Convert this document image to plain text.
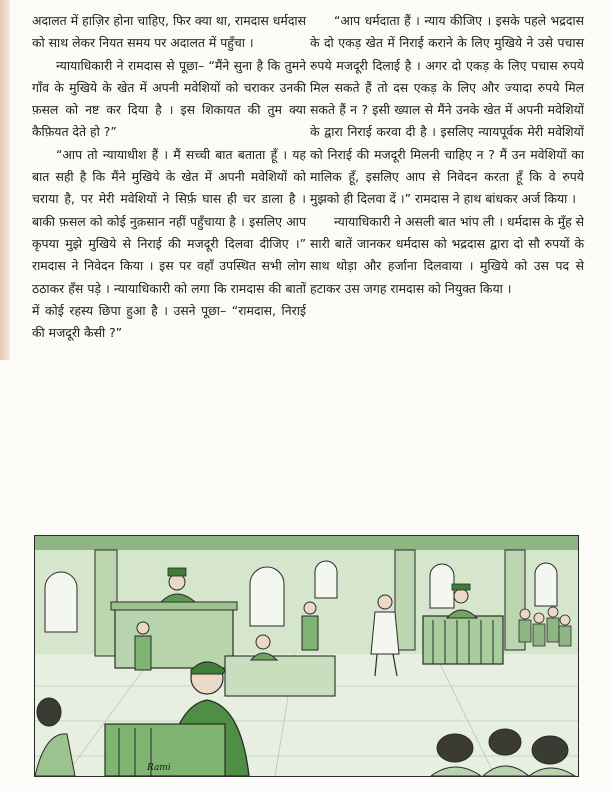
अदालत में हाज़िर होना चाहिए, फिर क्या था, रामदास धर्मदास को साथ लेकर नियत समय पर अदालत में पहुँचा ।

न्यायाधिकारी ने रामदास से पूछा– “मैंने सुना है कि तुमने गाँव के मुखिये के खेत में अपनी मवेशियों को चराकर उनकी फ़सल को नष्ट कर दिया है । इस शिकायत की तुम क्या कैफ़ियत देते हो ?”

“आप तो न्यायाधीश हैं । मैं सच्ची बात बताता हूँ । यह बात सही है कि मैंने मुखिये के खेत में अपनी मवेशियों को चराया है, पर मेरी मवेशियों ने सिर्फ़ घास ही चर डाला है । बाकी फ़सल को कोई नुक़सान नहीं पहुँचाया है । इसलिए आप कृपया मुझे मुखिये से निराई की मजदूरी दिलवा दीजिए ।” रामदास ने निवेदन किया । इस पर वहाँ उपस्थित सभी लोग ठठाकर हँस पड़े । न्यायाधिकारी को लगा कि रामदास की बातों में कोई रहस्य छिपा हुआ है । उसने पूछा– “रामदास, निराई की मजदूरी कैसी ?”

“आप धर्मदाता हैं । न्याय कीजिए । इसके पहले भद्रदास के दो एकड़ खेत में निराई कराने के लिए मुखिये ने उसे पचास रुपये मजदूरी दिलाई है । अगर दो एकड़ के लिए पचास रुपये मिल सकते हैं तो दस एकड़ के लिए और ज्यादा रुपये मिल सकते हैं न ? इसी ख्याल से मैंने उनके खेत में अपनी मवेशियों के द्वारा निराई करवा दी है । इसलिए न्यायपूर्वक मेरी मवेशियों को निराई की मजदूरी मिलनी चाहिए न ? मैं उन मवेशियों का मालिक हूँ, इसलिए आप से निवेदन करता हूँ कि वे रुपये मुझको ही दिलवा दें ।” रामदास ने हाथ बांधकर अर्ज किया ।

न्यायाधिकारी ने असली बात भांप ली । धर्मदास के मुँह से सारी बातें जानकर धर्मदास को भद्रदास द्वारा दो सौ रुपयों के साथ थोड़ा और हर्जाना दिलवाया । मुखिये को उस पद से हटाकर उस जगह रामदास को नियुक्त किया ।

Rami
